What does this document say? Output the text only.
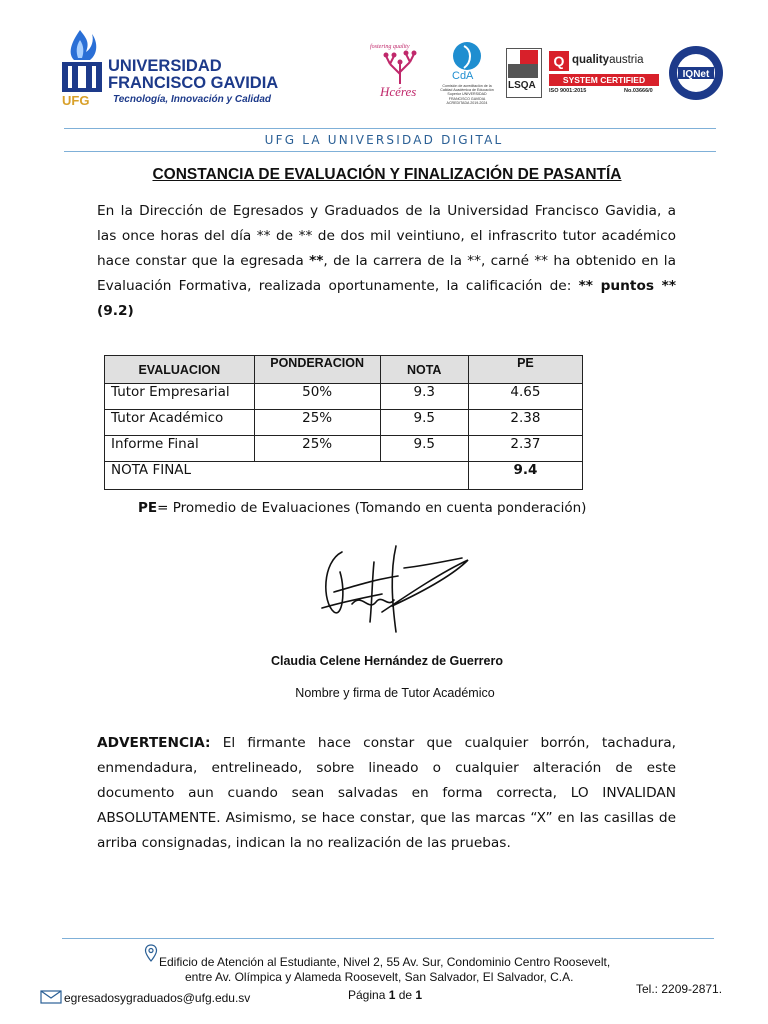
UNIVERSIDAD
FRANCISCO GAVIDIA
UFG Tecnología, Innovación y Calidad
fostering quality
Hcéres
CdA
Comisión de acreditación de la Calidad Académica de Educación Superior UNIVERSIDAD FRANCISCO GAVIDIA ACREDITADA 2019-2024
LSQA
Q qualityaustria
SYSTEM CERTIFIED
ISO 9001:2015	No.03666/0
IQNet
UFG LA UNIVERSIDAD DIGITAL
CONSTANCIA DE EVALUACIÓN Y FINALIZACIÓN DE PASANTÍA
En la Dirección de Egresados y Graduados de la Universidad Francisco Gavidia, a las once horas del día ** de ** de dos mil veintiuno, el infrascrito tutor académico hace constar que la egresada **, de la carrera de la **, carné ** ha obtenido en la Evaluación Formativa, realizada oportunamente, la calificación de: ** puntos ** (9.2)
EVALUACION	PONDERACION	NOTA	PE
Tutor Empresarial	50%	9.3	4.65
Tutor Académico	25%	9.5	2.38
Informe Final	25%	9.5	2.37
NOTA FINAL			9.4
PE= Promedio de Evaluaciones (Tomando en cuenta ponderación)
Claudia Celene Hernández de Guerrero
Nombre y firma de Tutor Académico
ADVERTENCIA: El firmante hace constar que cualquier borrón, tachadura, enmendadura, entrelineado, sobre lineado o cualquier alteración de este documento aun cuando sean salvadas en forma correcta, LO INVALIDAN ABSOLUTAMENTE. Asimismo, se hace constar, que las marcas “X” en las casillas de arriba consignadas, indican la no realización de las pruebas.
Edificio de Atención al Estudiante, Nivel 2, 55 Av. Sur, Condominio Centro Roosevelt,
entre Av. Olímpica y Alameda Roosevelt, San Salvador, El Salvador, C.A.
Página 1 de 1	Tel.: 2209-2871.
egresadosygraduados@ufg.edu.sv
